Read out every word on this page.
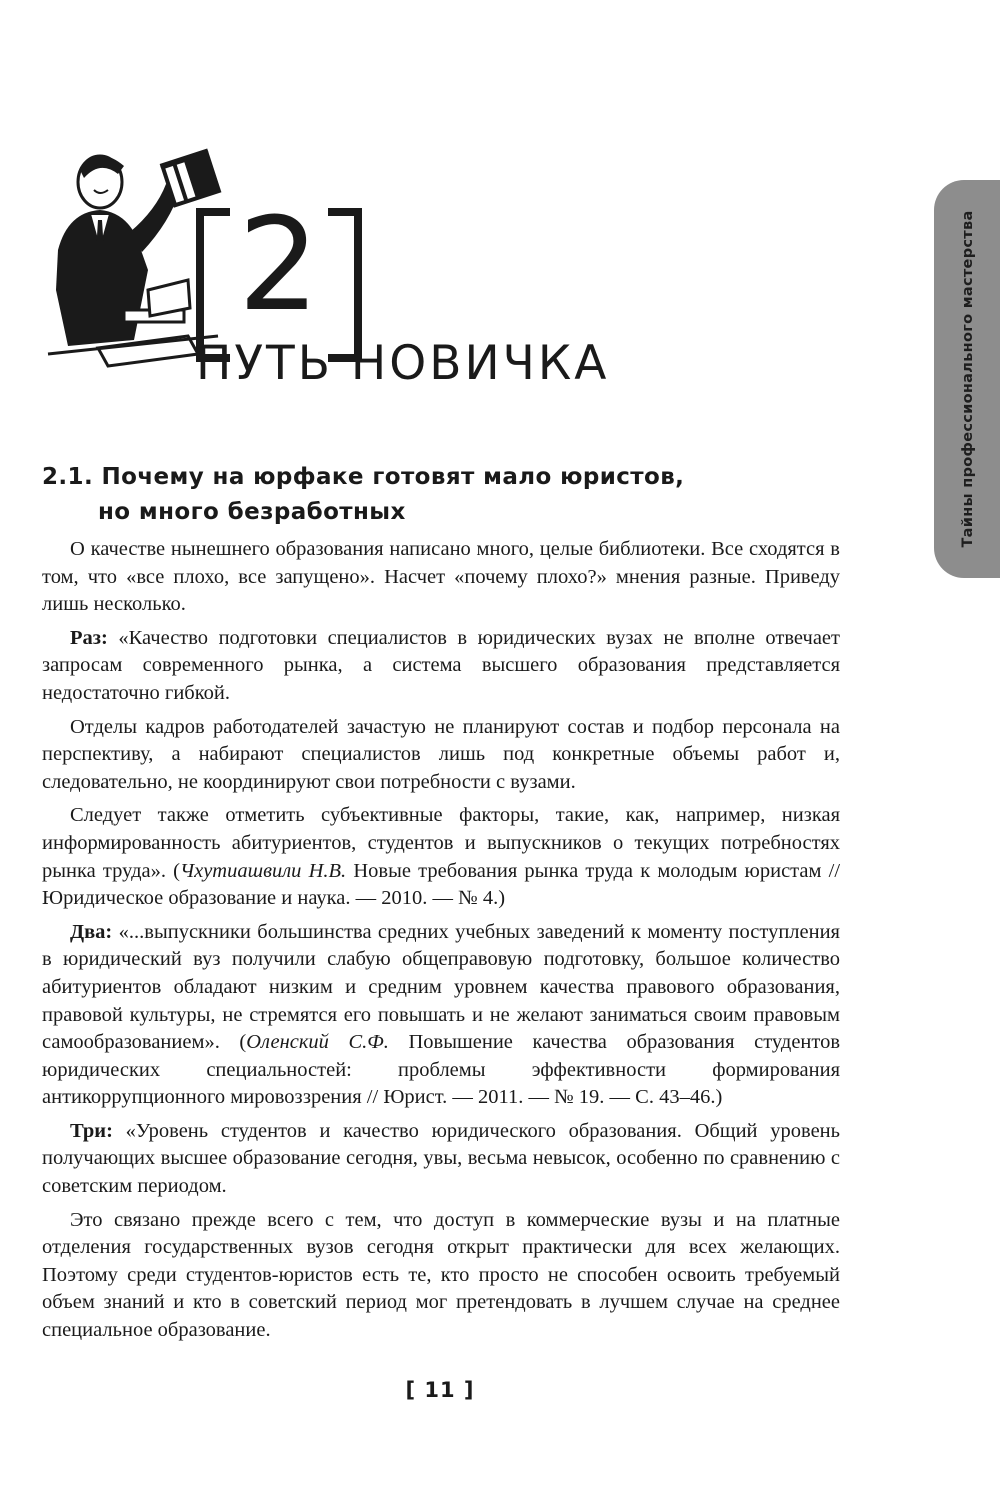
2
ПУТЬ НОВИЧКА	Тайны профессионального мастерства
2.1. Почему на юрфаке готовят мало юристов,
но много безработных

О качестве нынешнего образования написано много, целые библиотеки. Все сходятся в том, что «все плохо, все запущено». Насчет «почему плохо?» мнения разные. Приведу лишь несколько.

Раз: «Качество подготовки специалистов в юридических вузах не вполне отвечает запросам современного рынка, а система высшего образования представляется недостаточно гибкой.

Отделы кадров работодателей зачастую не планируют состав и подбор персонала на перспективу, а набирают специалистов лишь под конкретные объемы работ и, следовательно, не координируют свои потребности с вузами.

Следует также отметить субъективные факторы, такие, как, например, низкая информированность абитуриентов, студентов и выпускников о текущих потребностях рынка труда». (Чхутиашвили Н.В. Новые требования рынка труда к молодым юристам // Юридическое образование и наука. — 2010. — № 4.)

Два: «...выпускники большинства средних учебных заведений к моменту поступления в юридический вуз получили слабую общеправовую подготовку, большое количество абитуриентов обладают низким и средним уровнем качества правового образования, правовой культуры, не стремятся его повышать и не желают заниматься своим правовым самообразованием». (Оленский С.Ф. Повышение качества образования студентов юридических специальностей: проблемы эффективности формирования антикоррупционного мировоззрения // Юрист. — 2011. — № 19. — С. 43–46.)

Три: «Уровень студентов и качество юридического образования. Общий уровень получающих высшее образование сегодня, увы, весьма невысок, особенно по сравнению с советским периодом.

Это связано прежде всего с тем, что доступ в коммерческие вузы и на платные отделения государственных вузов сегодня открыт практически для всех желающих. Поэтому среди студентов-юристов есть те, кто просто не способен освоить требуемый объем знаний и кто в советский период мог претендовать в лучшем случае на среднее специальное образование.

[ 11 ]
